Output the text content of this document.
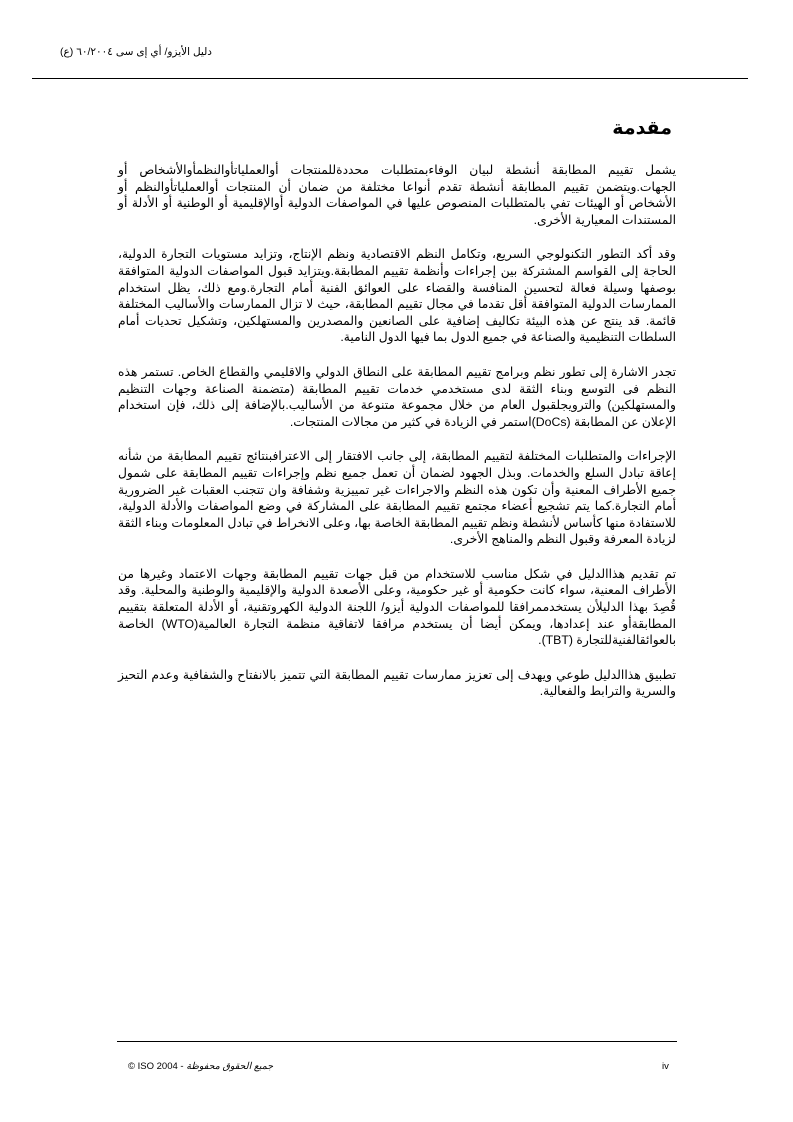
دليل الأيزو/ أي إى سى ٦٠/٢٠٠٤ (ع)
مقدمة

يشمل تقييم المطابقة أنشطة لبيان الوفاءبمتطلبات محددةللمنتجات أوالعملياتأوالنظمأوالأشخاص أو الجهات.ويتضمن تقييم المطابقة أنشطة تقدم أنواعا مختلفة من ضمان أن المنتجات أوالعملياتأوالنظم أو الأشخاص أو الهيئات تفي بالمتطلبات المنصوص عليها في المواصفات الدولية أوالإقليمية أو الوطنية أو الأدلة أو المستندات المعيارية الأخرى.

وقد أكد التطور التكنولوجي السريع، وتكامل النظم الاقتصادية ونظم الإنتاج، وتزايد مستويات التجارة الدولية، الحاجة إلى القواسم المشتركة بين إجراءات وأنظمة تقييم المطابقة.ويتزايد قبول المواصفات الدولية المتوافقة بوصفها وسيلة فعالة لتحسين المنافسة والقضاء على العوائق الفنية أمام التجارة.ومع ذلك، يظل استخدام الممارسات الدولية المتوافقة أقل تقدما في مجال تقييم المطابقة، حيث لا تزال الممارسات والأساليب المختلفة قائمة. قد ينتج عن هذه البيئة تكاليف إضافية على الصانعين والمصدرين والمستهلكين، وتشكيل تحديات أمام السلطات التنظيمية والصناعة في جميع الدول بما فيها الدول النامية.

تجدر الاشارة إلى تطور نظم وبرامج تقييم المطابقة على النطاق الدولي والاقليمي والقطاع الخاص. تستمر هذه النظم فى التوسع وبناء الثقة لدى مستخدمي خدمات تقييم المطابقة (متضمنة الصناعة وجهات التنظيم والمستهلكين) والترويجلقبول العام من خلال مجموعة متنوعة من الأساليب.بالإضافة إلى ذلك، فإن استخدام الإعلان عن المطابقة (DoCs)استمر في الزيادة في كثير من مجالات المنتجات.

الإجراءات والمتطلبات المختلفة لتقييم المطابقة، إلى جانب الافتقار إلى الاعترافبنتائج تقييم المطابقة من شأنه إعاقة تبادل السلع والخدمات. وبذل الجهود لضمان أن تعمل جميع نظم وإجراءات تقييم المطابقة على شمول جميع الأطراف المعنية وأن تكون هذه النظم والاجراءات غير تمييزية وشفافة وان تتجنب العقبات غير الضرورية أمام التجارة.كما يتم تشجيع أعضاء مجتمع تقييم المطابقة على المشاركة في وضع المواصفات والأدلة الدولية، للاستفادة منها كأساس لأنشطة ونظم تقييم المطابقة الخاصة بها، وعلى الانخراط في تبادل المعلومات وبناء الثقة لزيادة المعرفة وقبول النظم والمناهج الأخرى.

تم تقديم هذاالدليل في شكل مناسب للاستخدام من قبل جهات تقييم المطابقة وجهات الاعتماد وغيرها من الأطراف المعنية، سواء كانت حكومية أو غير حكومية، وعلى الأصعدة الدولية والإقليمية والوطنية والمحلية. وقد قُصِدَ بهذا الدليلأن يستخدممرافقا للمواصفات الدولية أيزو/ اللجنة الدولية الكهروتقنية، أو الأدلة المتعلقة بتقييم المطابقةأو عند إعدادها، ويمكن أيضا أن يستخدم مرافقا لاتفاقية منظمة التجارة العالمية(WTO) الخاصة بالعوائقالفنيةللتجارة (TBT).

تطبيق هذاالدليل طوعي ويهدف إلى تعزيز ممارسات تقييم المطابقة التي تتميز بالانفتاح والشفافية وعدم التحيز والسرية والترابط والفعالية.

© ISO 2004 - جميع الحقوق محفوظة	iv
